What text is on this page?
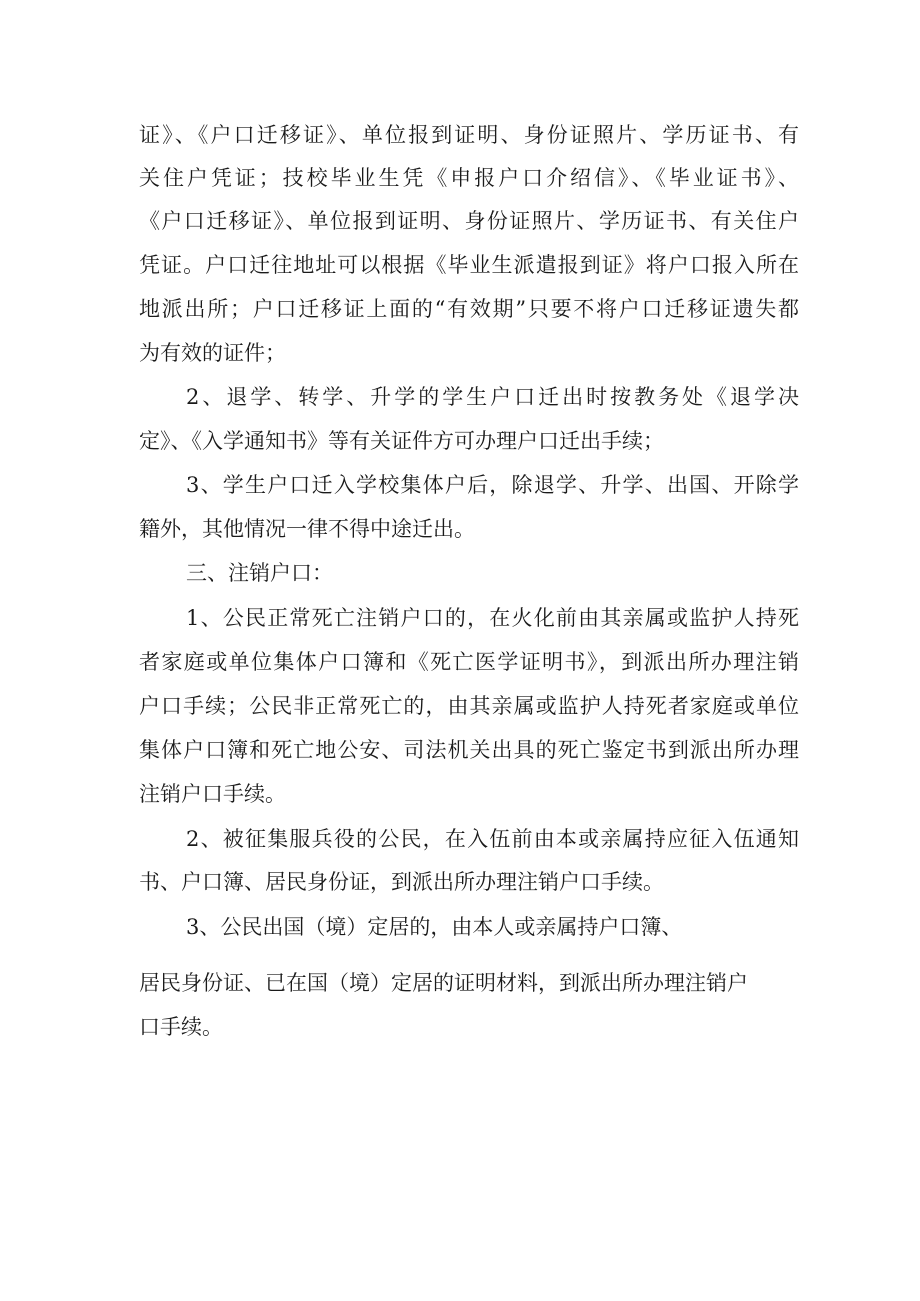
证》、《户口迁移证》、单位报到证明、身份证照片、学历证书、有

关住户凭证；技校毕业生凭《申报户口介绍信》、《毕业证书》、

《户口迁移证》、单位报到证明、身份证照片、学历证书、有关住户

凭证。户口迁往地址可以根据《毕业生派遣报到证》将户口报入所在

地派出所；户口迁移证上面的“有效期”只要不将户口迁移证遗失都

为有效的证件；

2、退学、转学、升学的学生户口迁出时按教务处《退学决

定》、《入学通知书》等有关证件方可办理户口迁出手续；

3、学生户口迁入学校集体户后，除退学、升学、出国、开除学

籍外，其他情况一律不得中途迁出。

三、注销户口：

1、公民正常死亡注销户口的，在火化前由其亲属或监护人持死

者家庭或单位集体户口簿和《死亡医学证明书》，到派出所办理注销

户口手续；公民非正常死亡的，由其亲属或监护人持死者家庭或单位

集体户口簿和死亡地公安、司法机关出具的死亡鉴定书到派出所办理

注销户口手续。

2、被征集服兵役的公民，在入伍前由本或亲属持应征入伍通知

书、户口簿、居民身份证，到派出所办理注销户口手续。

3、公民出国（境）定居的，由本人或亲属持户口簿、

居民身份证、已在国（境）定居的证明材料，到派出所办理注销户

口手续。
